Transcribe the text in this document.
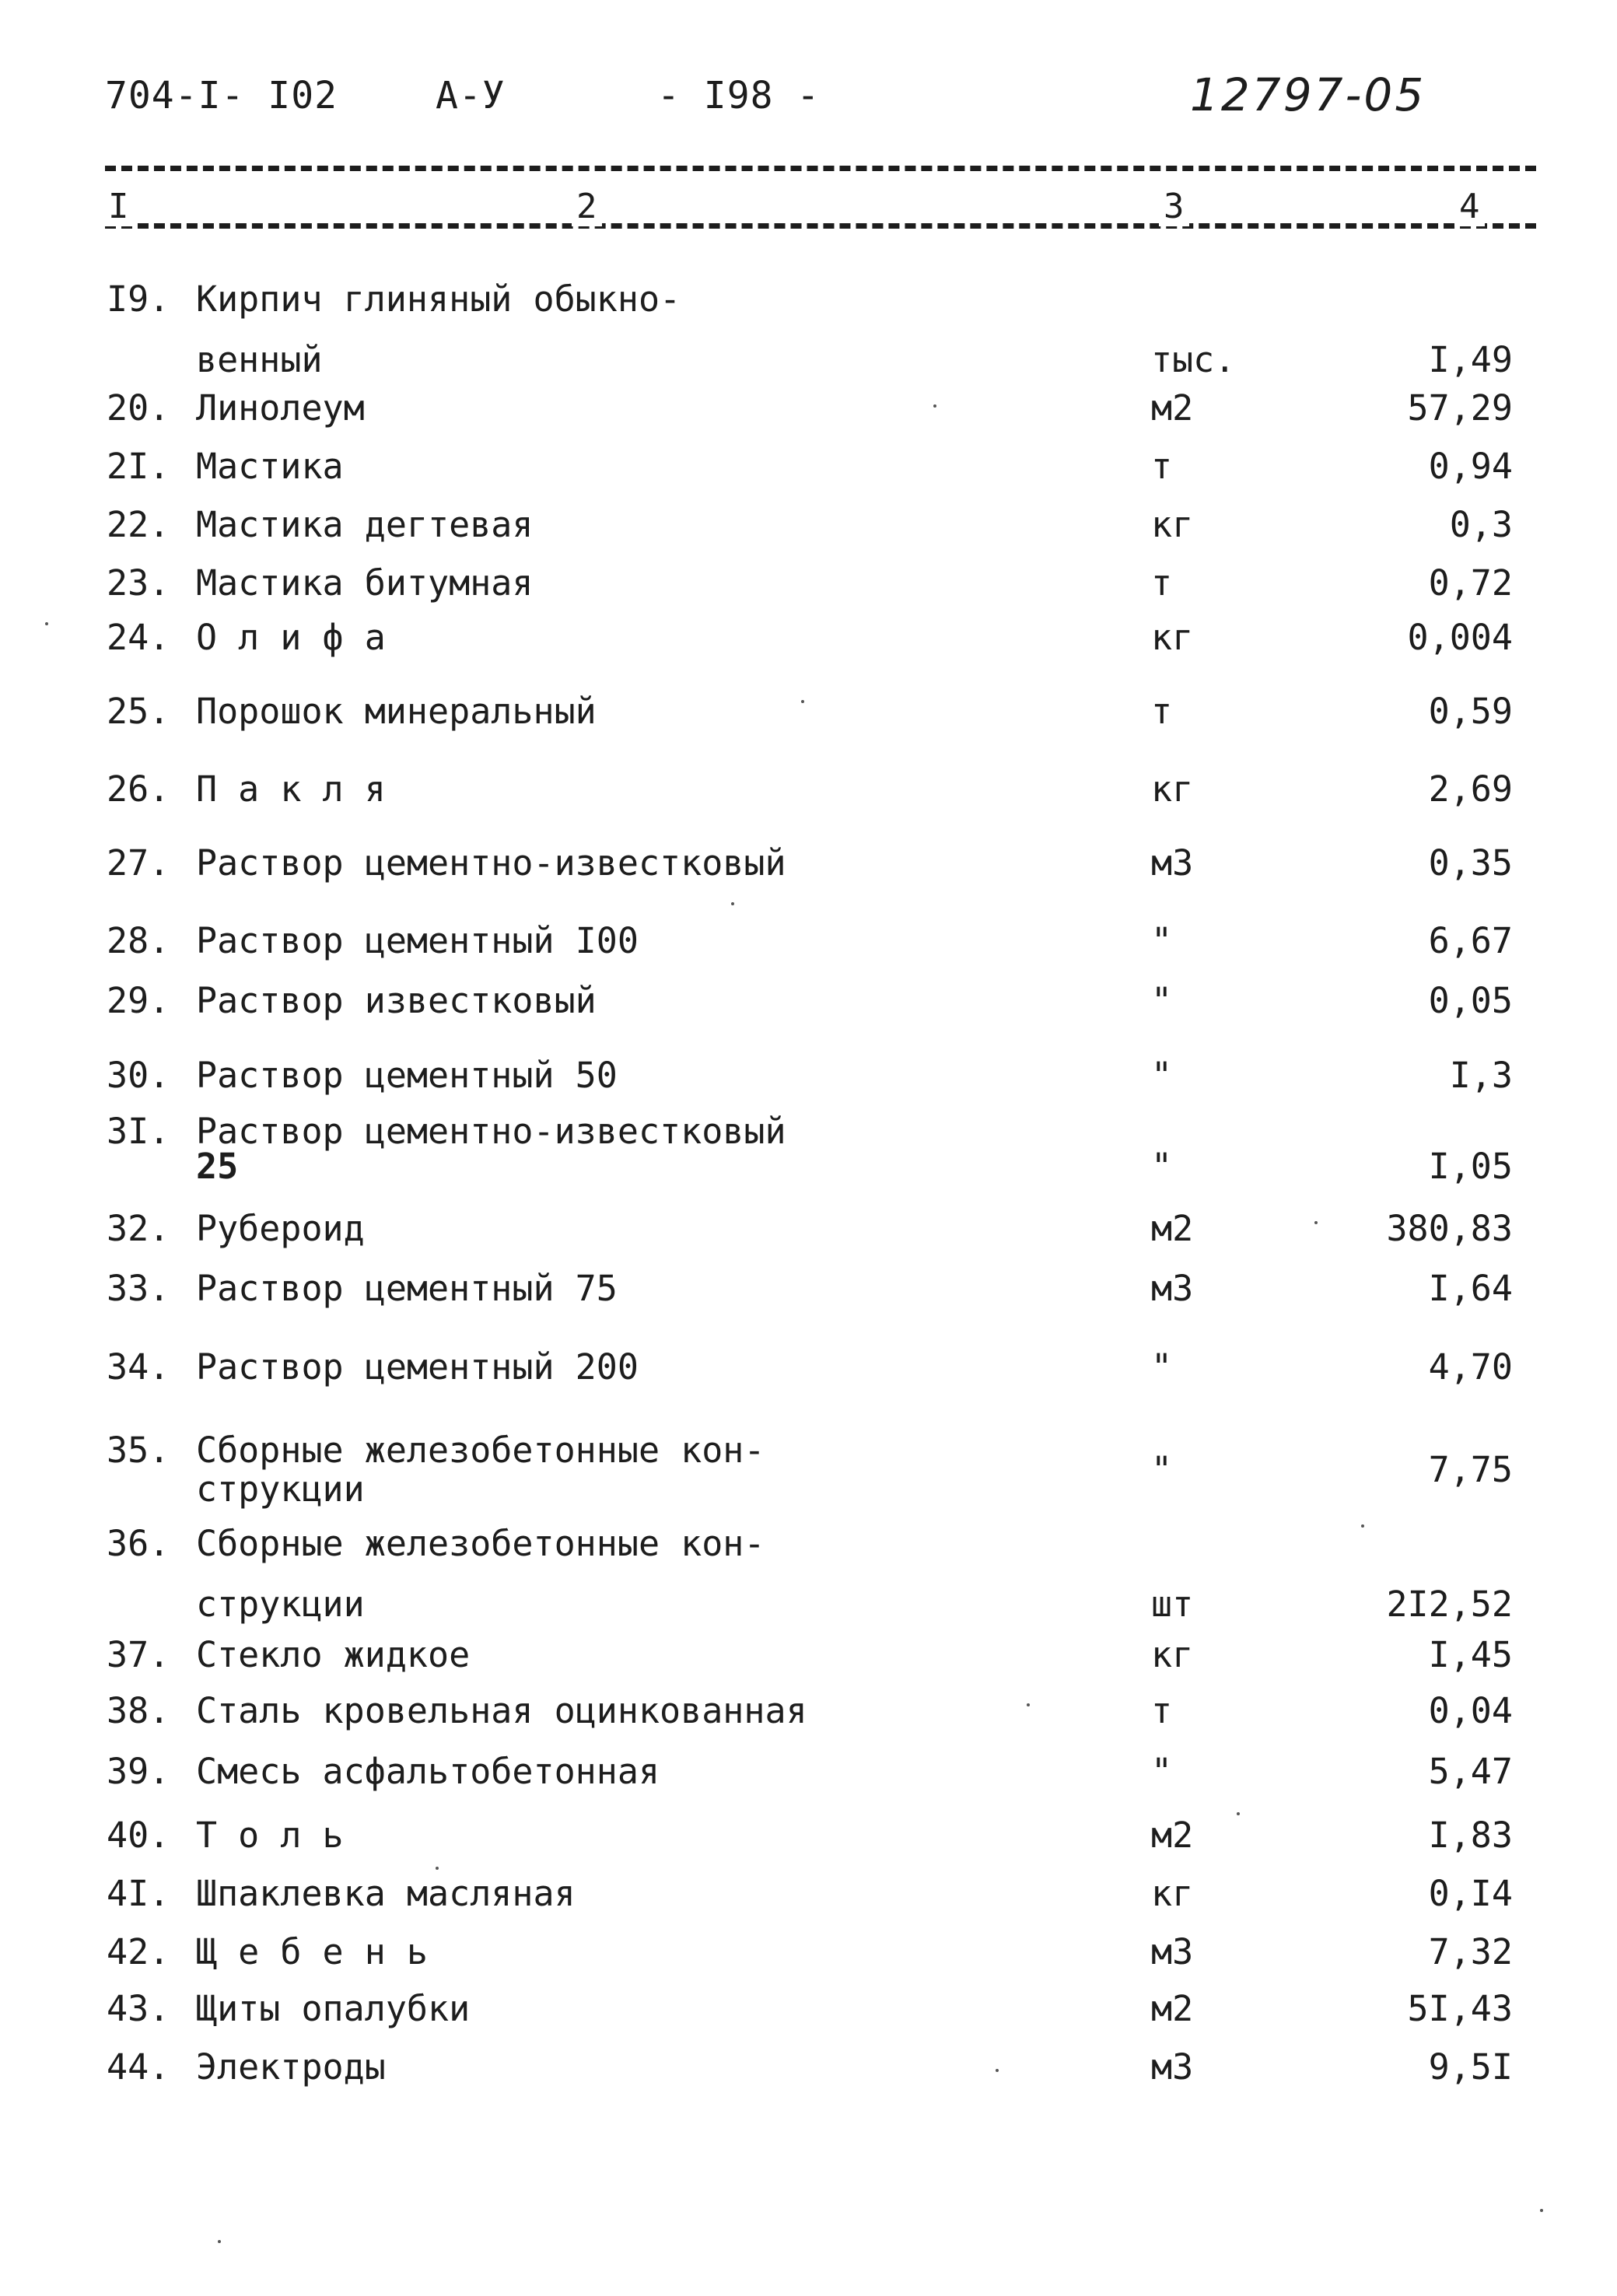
704-I- I02	А-У	- I98 -	12797-05
I	2	3	4
I9. Кирпич глиняный обыкно-
венный	тыс.	I,49
20. Линолеум	м2	57,29
2I. Мастика	т	0,94
22. Мастика дегтевая	кг	0,3
23. Мастика битумная	т	0,72
24. О л и ф а	кг	0,004
25. Порошок минеральный	т	0,59
26. П а к л я	кг	2,69
27. Раствор цементно-известковый	м3	0,35
28. Раствор цементный I00	"	6,67
29. Раствор известковый	"	0,05
30. Раствор цементный 50	"	I,3
3I. Раствор цементно-известковый
25	"	I,05
32. Рубероид	м2	380,83
33. Раствор цементный 75	м3	I,64
34. Раствор цементный 200	"	4,70
35. Сборные железобетонные кон-
струкции	"	7,75
36. Сборные железобетонные кон-
струкции	шт	2I2,52
37. Стекло жидкое	кг	I,45
38. Сталь кровельная оцинкованная	т	0,04
39. Смесь асфальтобетонная	"	5,47
40. Т о л ь	м2	I,83
4I. Шпаклевка масляная	кг	0,I4
42. Щ е б е н ь	м3	7,32
43. Щиты опалубки	м2	5I,43
44. Электроды	м3	9,5I
